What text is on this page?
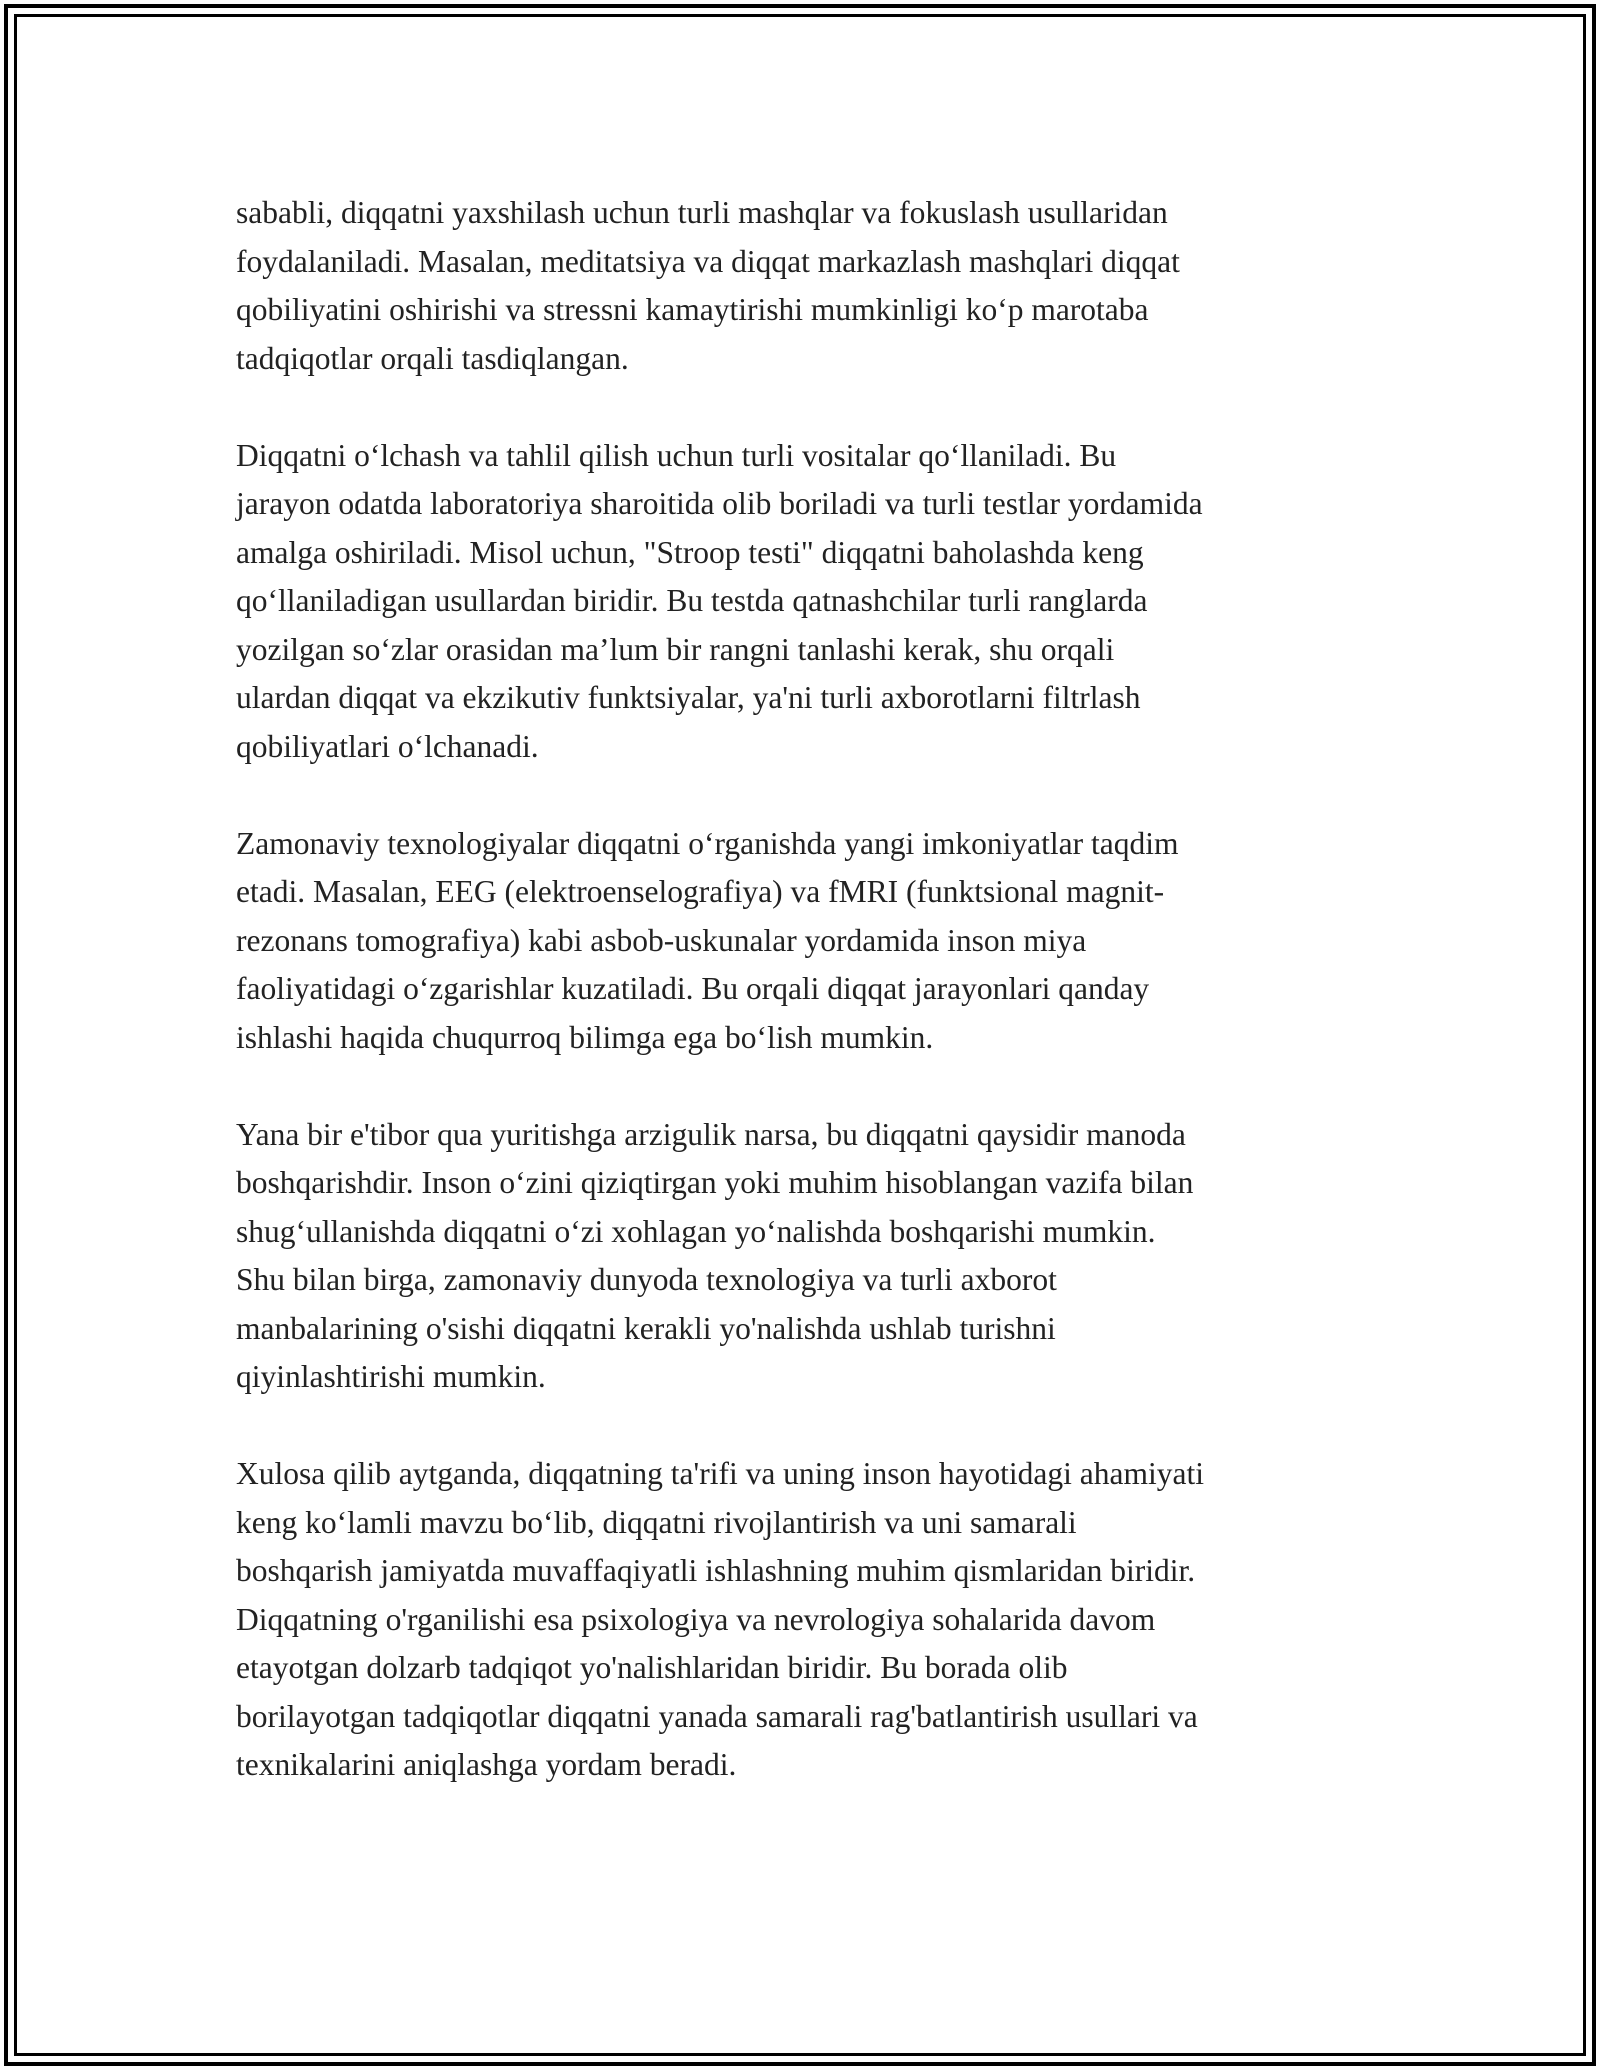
sababli, diqqatni yaxshilash uchun turli mashqlar va fokuslash usullaridan
foydalaniladi. Masalan, meditatsiya va diqqat markazlash mashqlari diqqat
qobiliyatini oshirishi va stressni kamaytirishi mumkinligi ko‘p marotaba
tadqiqotlar orqali tasdiqlangan.

Diqqatni o‘lchash va tahlil qilish uchun turli vositalar qo‘llaniladi. Bu
jarayon odatda laboratoriya sharoitida olib boriladi va turli testlar yordamida
amalga oshiriladi. Misol uchun, "Stroop testi" diqqatni baholashda keng
qo‘llaniladigan usullardan biridir. Bu testda qatnashchilar turli ranglarda
yozilgan so‘zlar orasidan ma’lum bir rangni tanlashi kerak, shu orqali
ulardan diqqat va ekzikutiv funktsiyalar, ya'ni turli axborotlarni filtrlash
qobiliyatlari o‘lchanadi.

Zamonaviy texnologiyalar diqqatni o‘rganishda yangi imkoniyatlar taqdim
etadi. Masalan, EEG (elektroenselografiya) va fMRI (funktsional magnit-
rezonans tomografiya) kabi asbob-uskunalar yordamida inson miya
faoliyatidagi o‘zgarishlar kuzatiladi. Bu orqali diqqat jarayonlari qanday
ishlashi haqida chuqurroq bilimga ega bo‘lish mumkin.

Yana bir e'tibor qua yuritishga arzigulik narsa, bu diqqatni qaysidir manoda
boshqarishdir. Inson o‘zini qiziqtirgan yoki muhim hisoblangan vazifa bilan
shug‘ullanishda diqqatni o‘zi xohlagan yo‘nalishda boshqarishi mumkin.
Shu bilan birga, zamonaviy dunyoda texnologiya va turli axborot
manbalarining o'sishi diqqatni kerakli yo'nalishda ushlab turishni
qiyinlashtirishi mumkin.

Xulosa qilib aytganda, diqqatning ta'rifi va uning inson hayotidagi ahamiyati
keng ko‘lamli mavzu bo‘lib, diqqatni rivojlantirish va uni samarali
boshqarish jamiyatda muvaffaqiyatli ishlashning muhim qismlaridan biridir.
Diqqatning o'rganilishi esa psixologiya va nevrologiya sohalarida davom
etayotgan dolzarb tadqiqot yo'nalishlaridan biridir. Bu borada olib
borilayotgan tadqiqotlar diqqatni yanada samarali rag'batlantirish usullari va
texnikalarini aniqlashga yordam beradi.
